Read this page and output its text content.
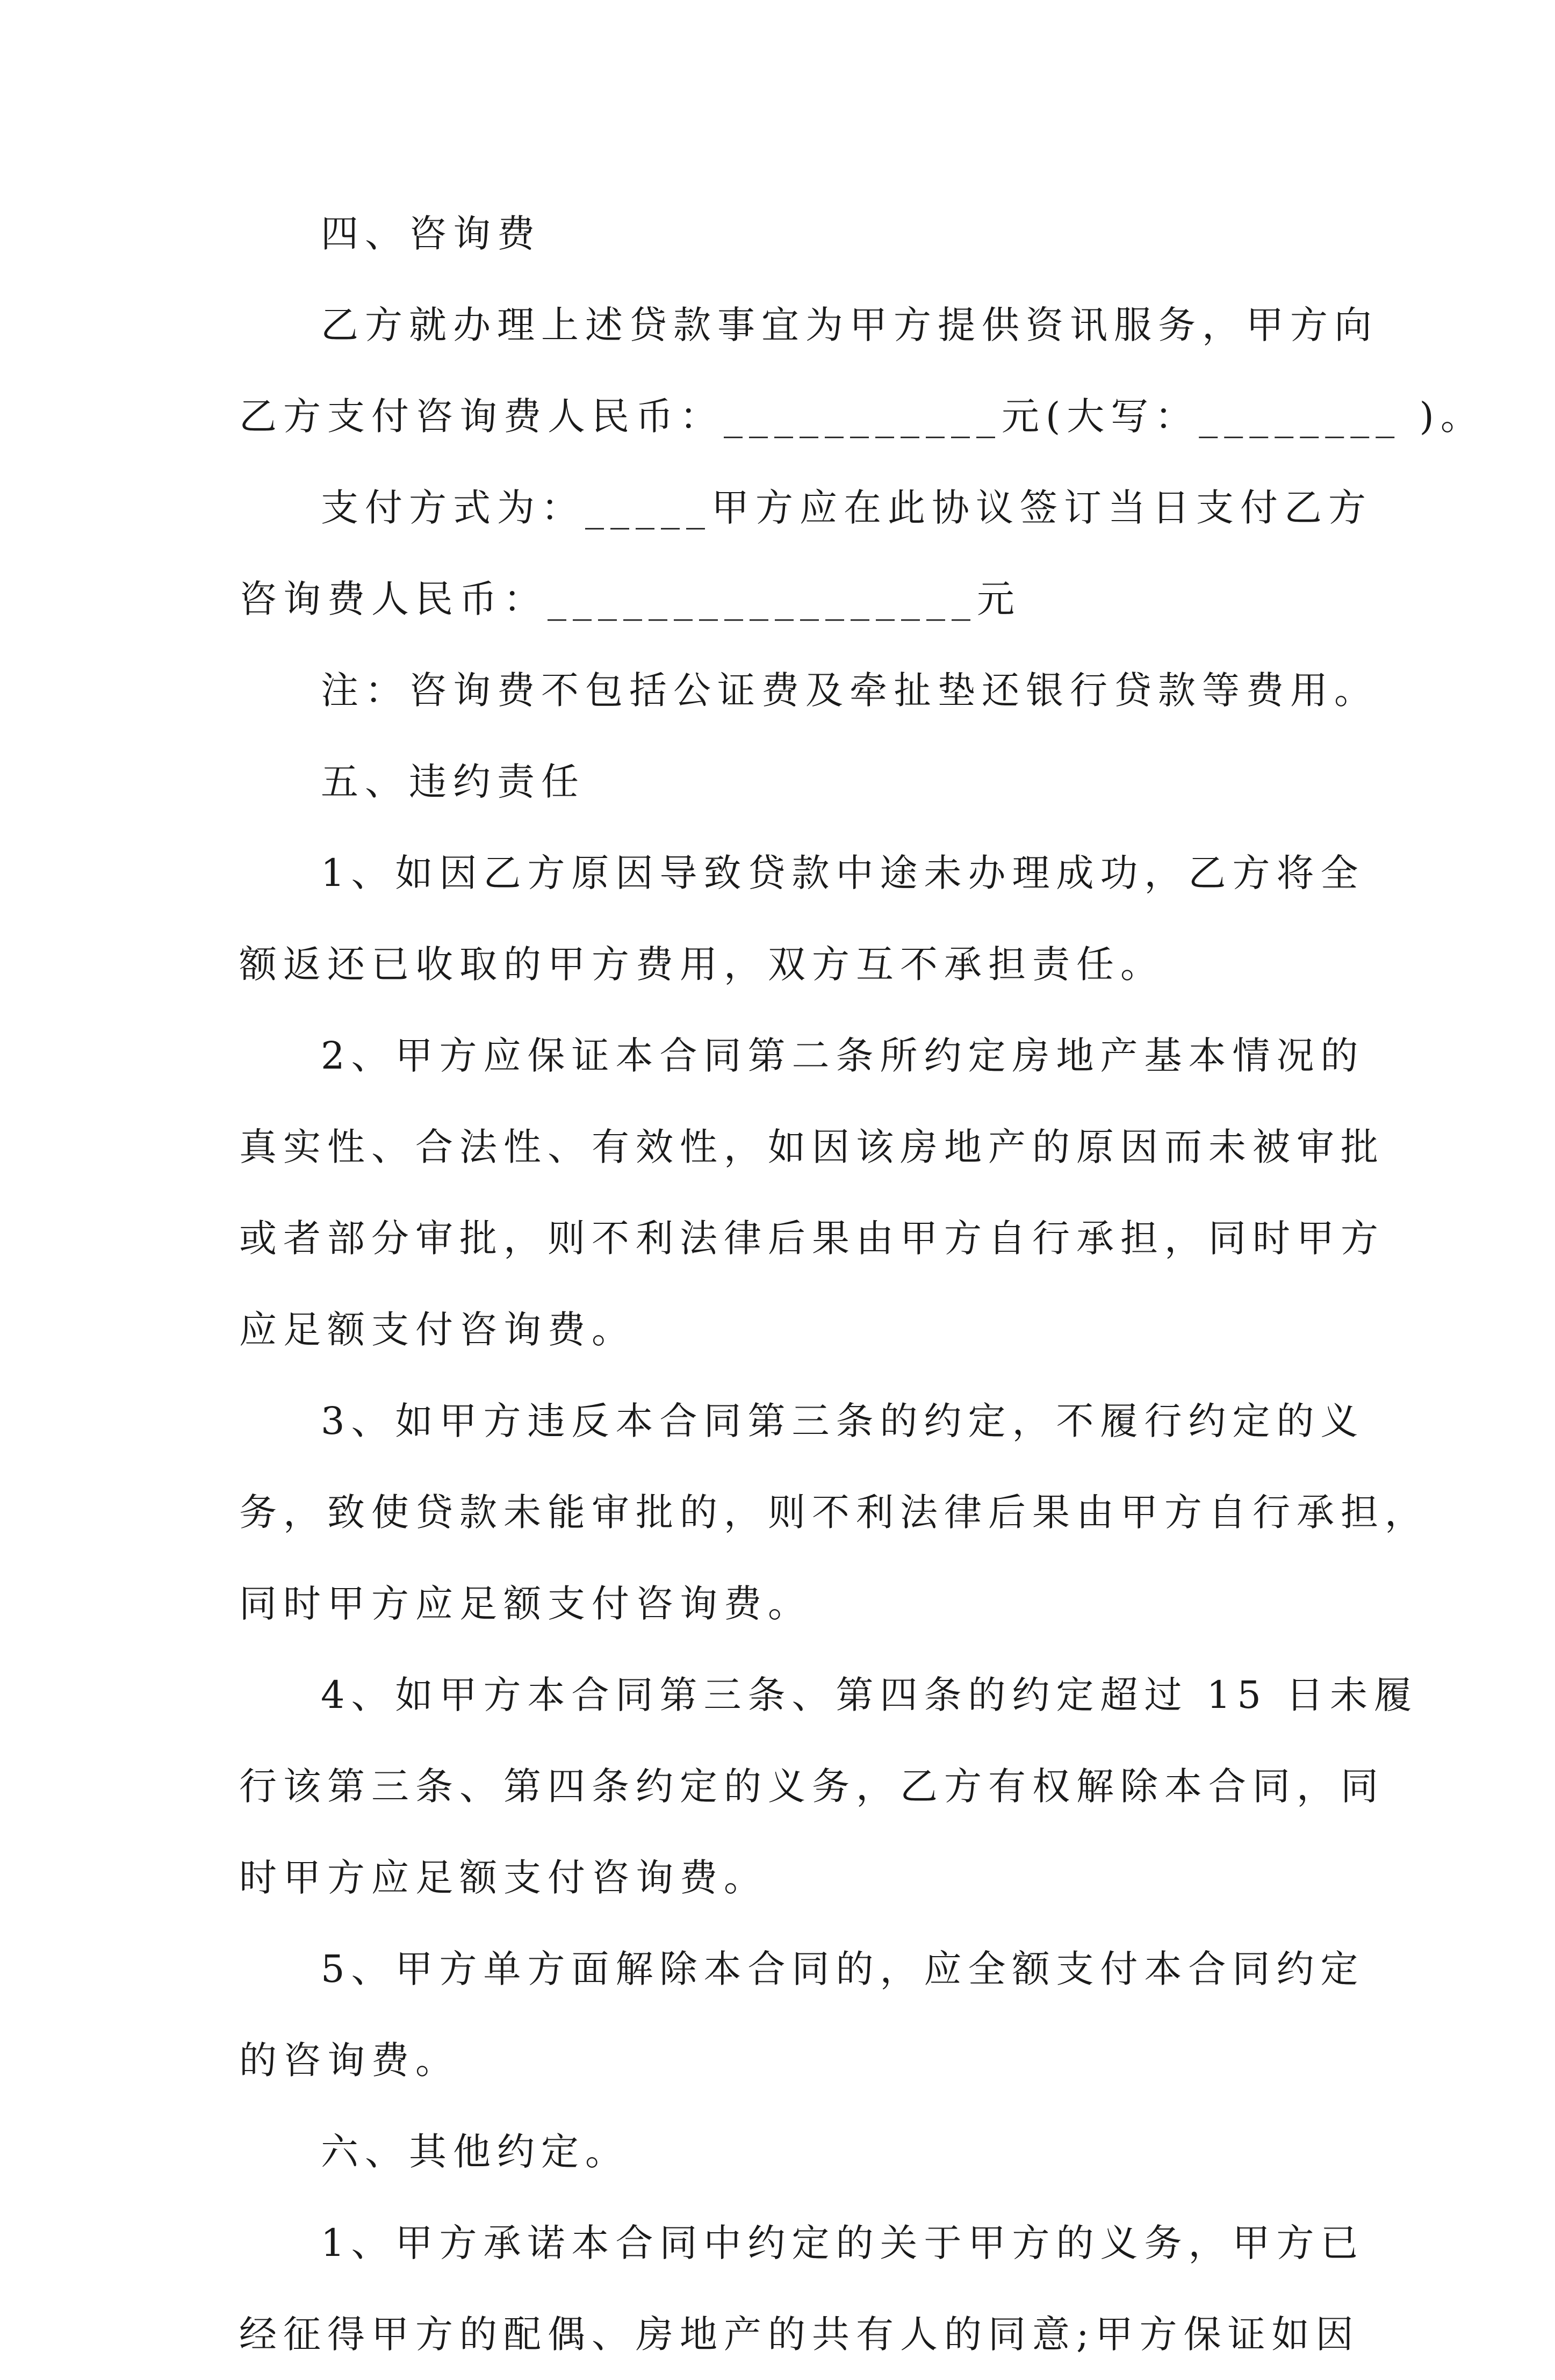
四、咨询费
乙方就办理上述贷款事宜为甲方提供资讯服务，甲方向
乙方支付咨询费人民币：___________元(大写：________ )。
支付方式为：_____甲方应在此协议签订当日支付乙方
咨询费人民币：_________________元
注：咨询费不包括公证费及牵扯垫还银行贷款等费用。
五、违约责任
1、如因乙方原因导致贷款中途未办理成功，乙方将全
额返还已收取的甲方费用，双方互不承担责任。
2、甲方应保证本合同第二条所约定房地产基本情况的
真实性、合法性、有效性，如因该房地产的原因而未被审批
或者部分审批，则不利法律后果由甲方自行承担，同时甲方
应足额支付咨询费。
3、如甲方违反本合同第三条的约定，不履行约定的义
务，致使贷款未能审批的，则不利法律后果由甲方自行承担，
同时甲方应足额支付咨询费。
4、如甲方本合同第三条、第四条的约定超过 15 日未履
行该第三条、第四条约定的义务，乙方有权解除本合同，同
时甲方应足额支付咨询费。
5、甲方单方面解除本合同的，应全额支付本合同约定
的咨询费。
六、其他约定。
1、甲方承诺本合同中约定的关于甲方的义务，甲方已
经征得甲方的配偶、房地产的共有人的同意;甲方保证如因
